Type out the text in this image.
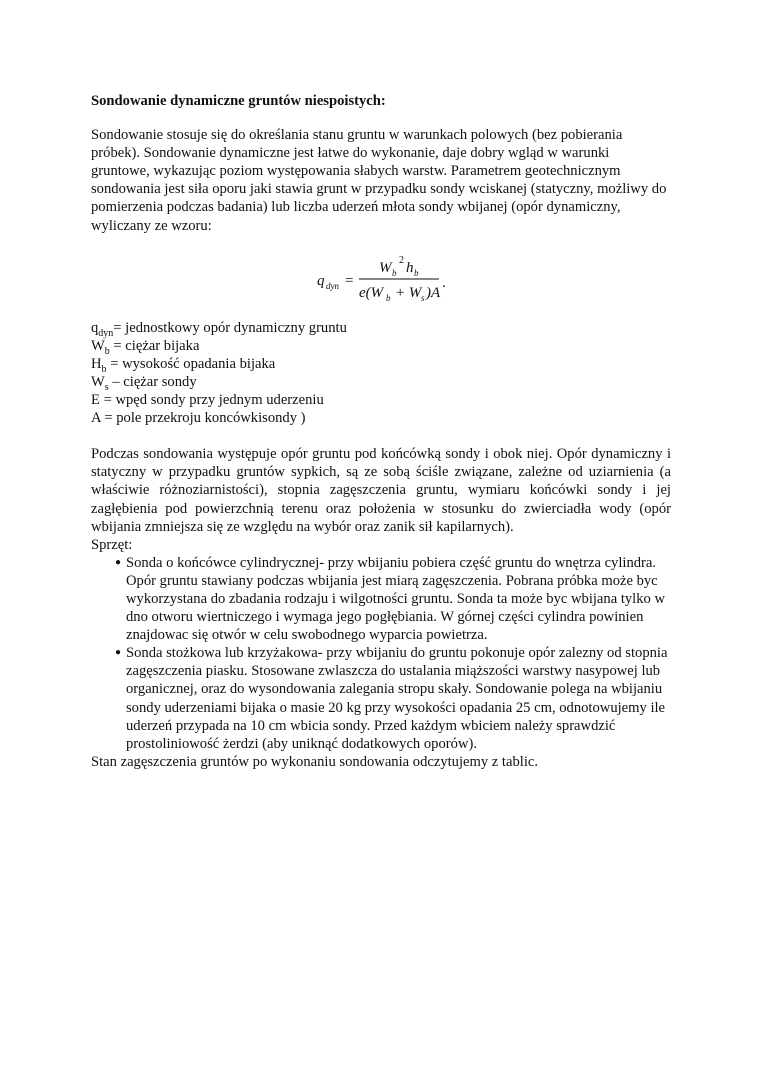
Sondowanie dynamiczne gruntów niespoistych:

Sondowanie stosuje się do określania stanu gruntu w warunkach polowych (bez pobierania próbek). Sondowanie dynamiczne jest łatwe do wykonanie, daje dobry wgląd w warunki gruntowe, wykazując poziom występowania słabych warstw. Parametrem geotechnicznym sondowania jest siła oporu jaki stawia grunt w przypadku sondy wciskanej (statyczny, możliwy do pomierzenia podczas badania) lub liczba uderzeń młota sondy wbijanej (opór dynamiczny, wyliczany ze wzoru:

q dyn =
W b
2 h b
e(W b + W s )A
.
$q_{dyn}=$ jednostkowy opór dynamiczny gruntu
$W_b$ = ciężar bijaka
$H_b$ = wysokość opadania bijaka
$W_s$ – ciężar sondy
E = wpęd sondy przy jednym uderzeniu
A = pole przekroju koncówkisondy )

Podczas sondowania występuje opór gruntu pod końcówką sondy i obok niej. Opór dynamiczny i statyczny w przypadku gruntów sypkich, są ze sobą ściśle związane, zależne od uziarnienia (a właściwie różnoziarnistości), stopnia zagęszczenia gruntu, wymiaru końcówki sondy i jej zagłębienia pod powierzchnią terenu oraz położenia w stosunku do zwierciadła wody (opór wbijania zmniejsza się ze względu na wybór oraz zanik sił kapilarnych).

Sprzęt:

● Sonda o końcówce cylindrycznej- przy wbijaniu pobiera część gruntu do wnętrza cylindra. Opór gruntu stawiany podczas wbijania jest miarą zagęszczenia. Pobrana próbka może byc wykorzystana do zbadania rodzaju i wilgotności gruntu. Sonda ta może byc wbijana tylko w dno otworu wiertniczego i wymaga jego pogłębiania. W górnej części cylindra powinien znajdowac się otwór w celu swobodnego wyparcia powietrza.
● Sonda stożkowa lub krzyżakowa- przy wbijaniu do gruntu pokonuje opór zalezny od stopnia zagęszczenia piasku. Stosowane zwlaszcza do ustalania miąższości warstwy nasypowej lub organicznej, oraz do wysondowania zalegania stropu skały. Sondowanie polega na wbijaniu sondy uderzeniami bijaka o masie 20 kg przy wysokości opadania 25 cm, odnotowujemy ile uderzeń przypada na 10 cm wbicia sondy. Przed każdym wbiciem należy sprawdzić prostoliniowość żerdzi (aby uniknąć dodatkowych oporów).

Stan zagęszczenia gruntów po wykonaniu sondowania odczytujemy z tablic.
